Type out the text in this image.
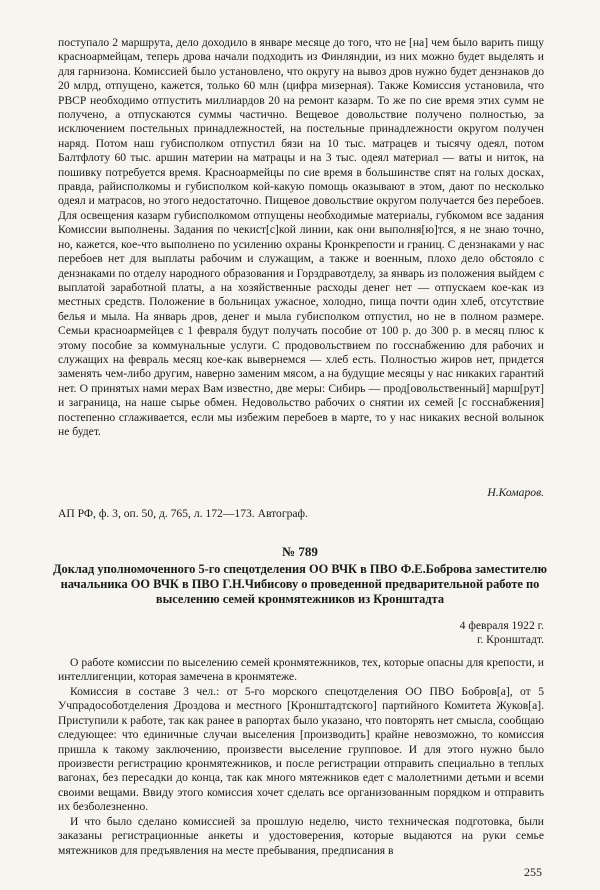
поступало 2 маршрута, дело доходило в январе месяце до того, что не [на] чем было варить пищу красноармейцам, теперь дрова начали подходить из Финляндии, из них можно будет выделять и для гарнизона. Комиссией было установлено, что округу на вывоз дров нужно будет дензнаков до 20 млрд, отпущено, кажется, только 60 млн (цифра мизерная). Также Комиссия установила, что РВСР необходимо отпустить миллиардов 20 на ремонт казарм. То же по сие время этих сумм не получено, а отпускаются суммы частично. Вещевое довольствие получено полностью, за исключением постельных принадлежностей, на постельные принадлежности округом получен наряд. Потом наш губисполком отпустил бязи на 10 тыс. матрацев и тысячу одеял, потом Балтфлоту 60 тыс. аршин материи на матрацы и на 3 тыс. одеял материал — ваты и ниток, на пошивку потребуется время. Красноармейцы по сие время в большинстве спят на голых досках, правда, райисполкомы и губисполком кой-какую помощь оказывают в этом, дают по несколько одеял и матрасов, но этого недостаточно. Пищевое довольствие округом получается без перебоев. Для освещения казарм губисполкомом отпущены необходимые материалы, губкомом все задания Комиссии выполнены. Задания по чекист[с]кой линии, как они выполня[ю]тся, я не знаю точно, но, кажется, кое-что выполнено по усилению охраны Кронкрепости и границ. С дензнаками у нас перебоев нет для выплаты рабочим и служащим, а также и военным, плохо дело обстояло с дензнаками по отделу народного образования и Горздравотделу, за январь из положения выйдем с выплатой заработной платы, а на хозяйственные расходы денег нет — отпускаем кое-как из местных средств. Положение в больницах ужасное, холодно, пища почти один хлеб, отсутствие белья и мыла. На январь дров, денег и мыла губисполком отпустил, но не в полном размере. Семьи красноармейцев с 1 февраля будут получать пособие от 100 р. до 300 р. в месяц плюс к этому пособие за коммунальные услуги. С продовольствием по госснабжению для рабочих и служащих на февраль месяц кое-как вывернемся — хлеб есть. Полностью жиров нет, придется заменять чем-либо другим, наверно заменим мясом, а на будущие месяцы у нас никаких гарантий нет. О принятых нами мерах Вам известно, две меры: Сибирь — прод[овольственный] марш[рут] и заграница, на наше сырье обмен. Недовольство рабочих о снятии их семей [с госснабжения] постепенно сглаживается, если мы избежим перебоев в марте, то у нас никаких весной волынок не будет.

Н.Комаров.
АП РФ, ф. 3, оп. 50, д. 765, л. 172—173. Автограф.
№ 789

Доклад уполномоченного 5-го спецотделения ОО ВЧК в ПВО Ф.Е.Боброва заместителю начальника ОО ВЧК в ПВО Г.Н.Чибисову о проведенной предварительной работе по выселению семей кронмятежников из Кронштадта

4 февраля 1922 г.
г. Кронштадт.

О работе комиссии по выселению семей кронмятежников, тех, которые опасны для крепости, и интеллигенции, которая замечена в кронмятеже.

Комиссия в составе 3 чел.: от 5-го морского спецотделения ОО ПВО Бобров[а], от 5 Учпрадособотделения Дроздова и местного [Кронштадтского] партийного Комитета Жуков[а]. Приступили к работе, так как ранее в рапортах было указано, что повторять нет смысла, сообщаю следующее: что единичные случаи выселения [производить] крайне невозможно, то комиссия пришла к такому заключению, произвести выселение групповое. И для этого нужно было произвести регистрацию кронмятежников, и после регистрации отправить специально в теплых вагонах, без пересадки до конца, так как много мятежников едет с малолетними детьми и всеми своими вещами. Ввиду этого комиссия хочет сделать все организованным порядком и отправить их безболезненно.

И что было сделано комиссией за прошлую неделю, чисто техническая подготовка, были заказаны регистрационные анкеты и удостоверения, которые выдаются на руки семье мятежников для предъявления на месте пребывания, предписания в

255
